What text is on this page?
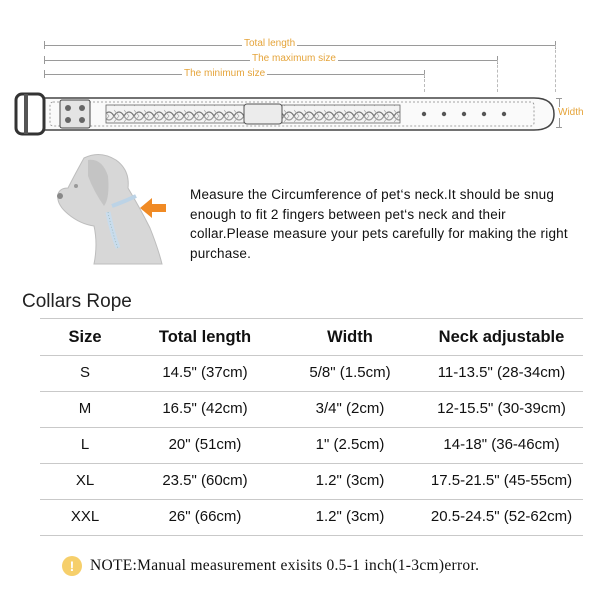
Total length
The maximum size
The minimum size
Width
Measure the Circumference of pet‘s neck.It should be snug enough to fit 2 fingers between pet‘s neck and their collar.Please measure your pets carefully for making the right purchase.
Collars Rope
Size	Total length	Width	Neck adjustable
S	14.5" (37cm)	5/8" (1.5cm)	11-13.5" (28-34cm)
M	16.5" (42cm)	3/4" (2cm)	12-15.5" (30-39cm)
L	20" (51cm)	1" (2.5cm)	14-18" (36-46cm)
XL	23.5" (60cm)	1.2" (3cm)	17.5-21.5" (45-55cm)
XXL	26" (66cm)	1.2" (3cm)	20.5-24.5" (52-62cm)
!	NOTE:Manual measurement exisits 0.5-1 inch(1-3cm)error.
